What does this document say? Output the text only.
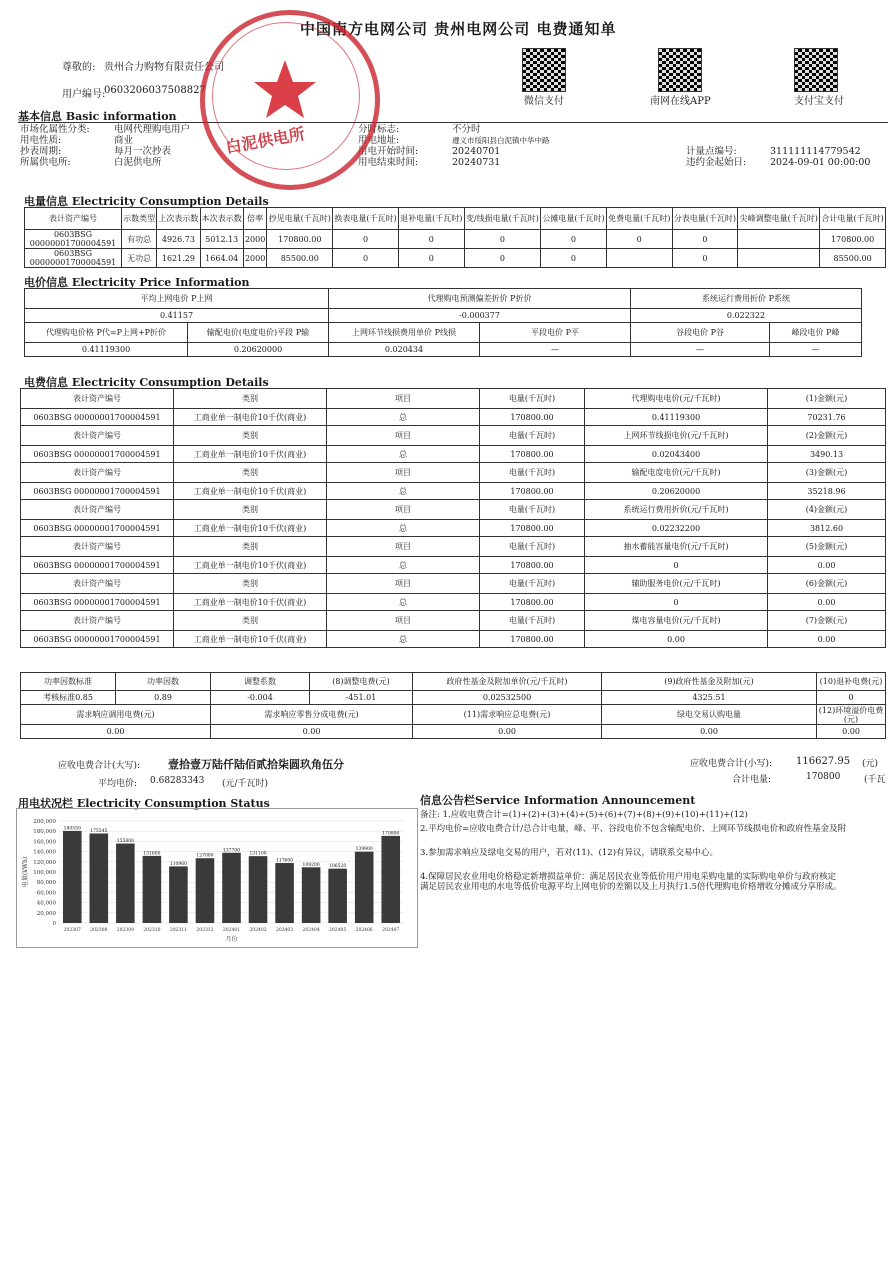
中国南方电网公司 贵州电网公司 电费通知单
尊敬的: 贵州合力购物有限责任公司
用户编号:
0603206037508827
微信支付	南网在线APP	支付宝支付
基本信息 Basic information
市场化属性分类:	电网代理购电用户	分时标志:	不分时		
用电性质:	商业	用电地址:	遵义市绥阳县白泥镇中华中路		
抄表周期:	每月一次抄表	用电开始时间:	20240701	计量点编号:	311111114779542
所属供电所:	白泥供电所	用电结束时间:	20240731	违约金起始日:	2024-09-01 00:00:00
电量信息 Electricity Consumption Details
表计资产编号	示数类型	上次表示数	本次表示数	倍率	抄见电量(千瓦时)	换表电量(千瓦时)	退补电量(千瓦时)	变/线损电量(千瓦时)	公摊电量(千瓦时)	免费电量(千瓦时)	分表电量(千瓦时)	尖峰调整电量(千瓦时)	合计电量(千瓦时)
0603BSG 00000001700004591	有功总	4926.73	5012.13	2000	170800.00	0	0	0	0	0	0		170800.00
0603BSG 00000001700004591	无功总	1621.29	1664.04	2000	85500.00	0	0	0	0		0		85500.00
电价信息 Electricity Price Information
平均上网电价 P上网		代理购电预测偏差折价 P折价		系统运行费用折价 P系统	
0.41157		-0.000377		0.022322	
代理购电价格 P代=P上网+P折价	输配电价(电度电价)平段 P输	上网环节线损费用单价 P线损	平段电价 P平	谷段电价 P谷	峰段电价 P峰
0.41119300	0.20620000	0.020434	—	—	—
电费信息 Electricity Consumption Details
表计资产编号	类别	项目	电量(千瓦时)	代理购电电价(元/千瓦时)	(1)金额(元)
0603BSG 00000001700004591	工商业单一制电价10千伏(商业)	总	170800.00	0.41119300	70231.76
表计资产编号	类别	项目	电量(千瓦时)	上网环节线损电价(元/千瓦时)	(2)金额(元)
0603BSG 00000001700004591	工商业单一制电价10千伏(商业)	总	170800.00	0.02043400	3490.13
表计资产编号	类别	项目	电量(千瓦时)	输配电度电价(元/千瓦时)	(3)金额(元)
0603BSG 00000001700004591	工商业单一制电价10千伏(商业)	总	170800.00	0.20620000	35218.96
表计资产编号	类别	项目	电量(千瓦时)	系统运行费用折价(元/千瓦时)	(4)金额(元)
0603BSG 00000001700004591	工商业单一制电价10千伏(商业)	总	170800.00	0.02232200	3812.60
表计资产编号	类别	项目	电量(千瓦时)	抽水蓄能容量电价(元/千瓦时)	(5)金额(元)
0603BSG 00000001700004591	工商业单一制电价10千伏(商业)	总	170800.00	0	0.00
表计资产编号	类别	项目	电量(千瓦时)	辅助服务电价(元/千瓦时)	(6)金额(元)
0603BSG 00000001700004591	工商业单一制电价10千伏(商业)	总	170800.00	0	0.00
表计资产编号	类别	项目	电量(千瓦时)	煤电容量电价(元/千瓦时)	(7)金额(元)
0603BSG 00000001700004591	工商业单一制电价10千伏(商业)	总	170800.00	0.00	0.00
功率因数标准	功率因数	调整系数	(8)调整电费(元)	政府性基金及附加单价(元/千瓦时)	(9)政府性基金及附加(元)	(10)退补电费(元)
考核标准0.85	0.89	-0.004	-451.01	0.02532500	4325.51	0
需求响应调用电费(元)		需求响应零售分成电费(元)		(11)需求响应总电费(元)	绿电交易认购电量	(12)环境溢价电费(元)
0.00		0.00		0.00	0.00	0.00
应收电费合计(大写):	壹拾壹万陆仟陆佰贰拾柒圆玖角伍分
平均电价: 0.68283343 (元/千瓦时)
应收电费合计(小写): 116627.95 (元)
合计电量:	170800	(千瓦
用电状况栏 Electricity Consumption Status
200,000
180,000
160,000
140,000
120,000
100,000
80,000
60,000
40,000
20,000
0
电量(kWh)
180550
202307
175545
202308
155800
202309
131600
202310
110960
202311
127000
202312
137700
202401
131100
202402
117600
202403
109200
202404
106520
202405
139900
202406
170800
202407
月份
信息公告栏Service Information Announcement
备注: 1.应收电费合计=(1)+(2)+(3)+(4)+(5)+(6)+(7)+(8)+(9)+(10)+(11)+(12)
2.平均电价=应收电费合计/总合计电量，峰、平、谷段电价不包含输配电价、上网环节线损电价和政府性基金及附
3.参加需求响应及绿电交易的用户，若对(11)、(12)有异议，请联系交易中心。
4.保障居民农业用电价格稳定新增损益单价：满足居民农业等低价用户用电采购电量的实际购电单价与政府核定
满足居民农业用电的水电等低价电源平均上网电价的差额以及上月执行1.5倍代理购电价格增收分摊成分享形成。
白泥供电所
